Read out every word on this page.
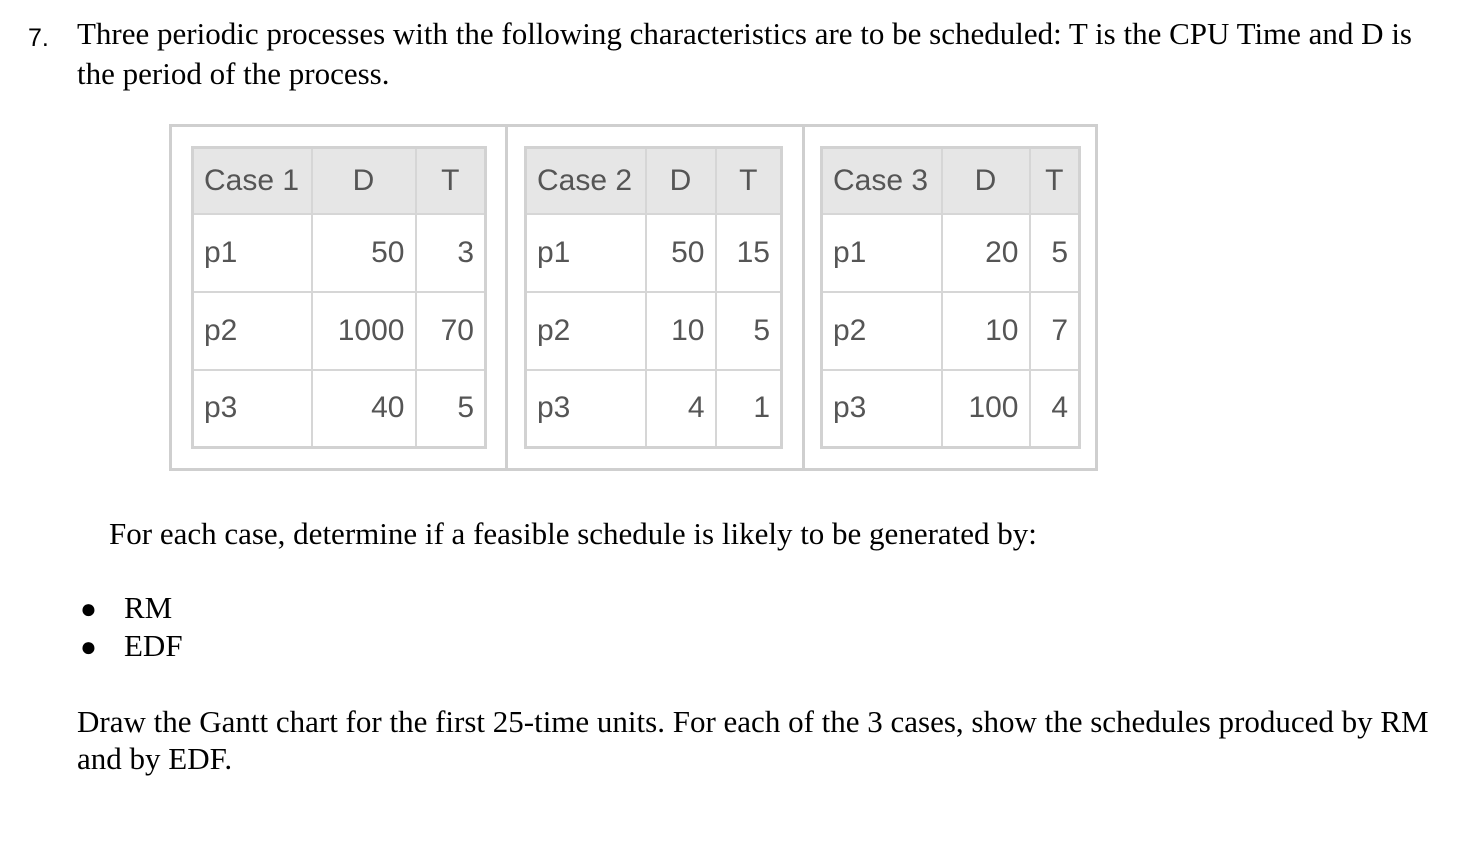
7. Three periodic processes with the following characteristics are to be scheduled: T is the CPU Time and D is the period of the process.
Case 1	D	T
p1	50	3
p2	1000	70
p3	40	5
Case 2	D	T
p1	50	15
p2	10	5
p3	4	1
Case 3	D	T
p1	20	5
p2	10	7
p3	100	4
For each case, determine if a feasible schedule is likely to be generated by:
● RM
● EDF
Draw the Gantt chart for the first 25-time units. For each of the 3 cases, show the schedules produced by RM and by EDF.
